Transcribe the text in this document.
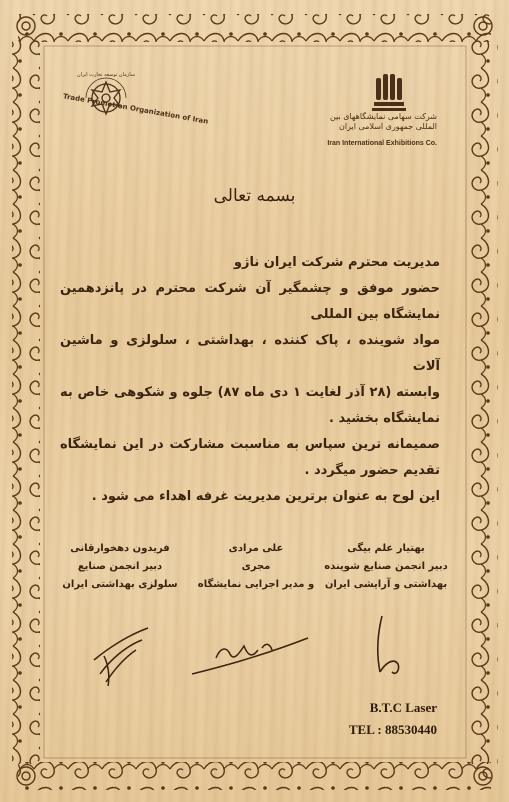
سازمان توسعه تجارت ایران
Trade Promotion Organization of Iran	شرکت سهامی نمایشگاههای بین المللی جمهوری اسلامی ایران
Iran International Exhibitions Co.
بسمه تعالی

مدیریت محترم شرکت ایران ناژو

حضور موفق و چشمگیر آن شرکت محترم در پانزدهمین نمایشگاه بین المللی

مواد شوینده ، پاک کننده ، بهداشتی ، سلولزی و ماشین آلات

وابسته (۲۸ آذر لغایت ۱ دی ماه ۸۷) جلوه و شکوهی خاص به نمایشگاه بخشید .

صمیمانه ترین سپاس به مناسبت مشارکت در این نمایشگاه تقدیم حضور میگردد .

این لوح به عنوان برترین مدیریت غرفه اهداء می شود .

بهتیار علم بیگی
دبیر انجمن صنایع شوینده
بهداشتی و آرایشی ایران
علی مرادی
مجری
و مدیر اجرایی نمایشگاه
فریدون دهخوارقانی
دبیر انجمن صنایع
سلولزی بهداشتی ایران
B.T.C Laser
TEL : 88530440
